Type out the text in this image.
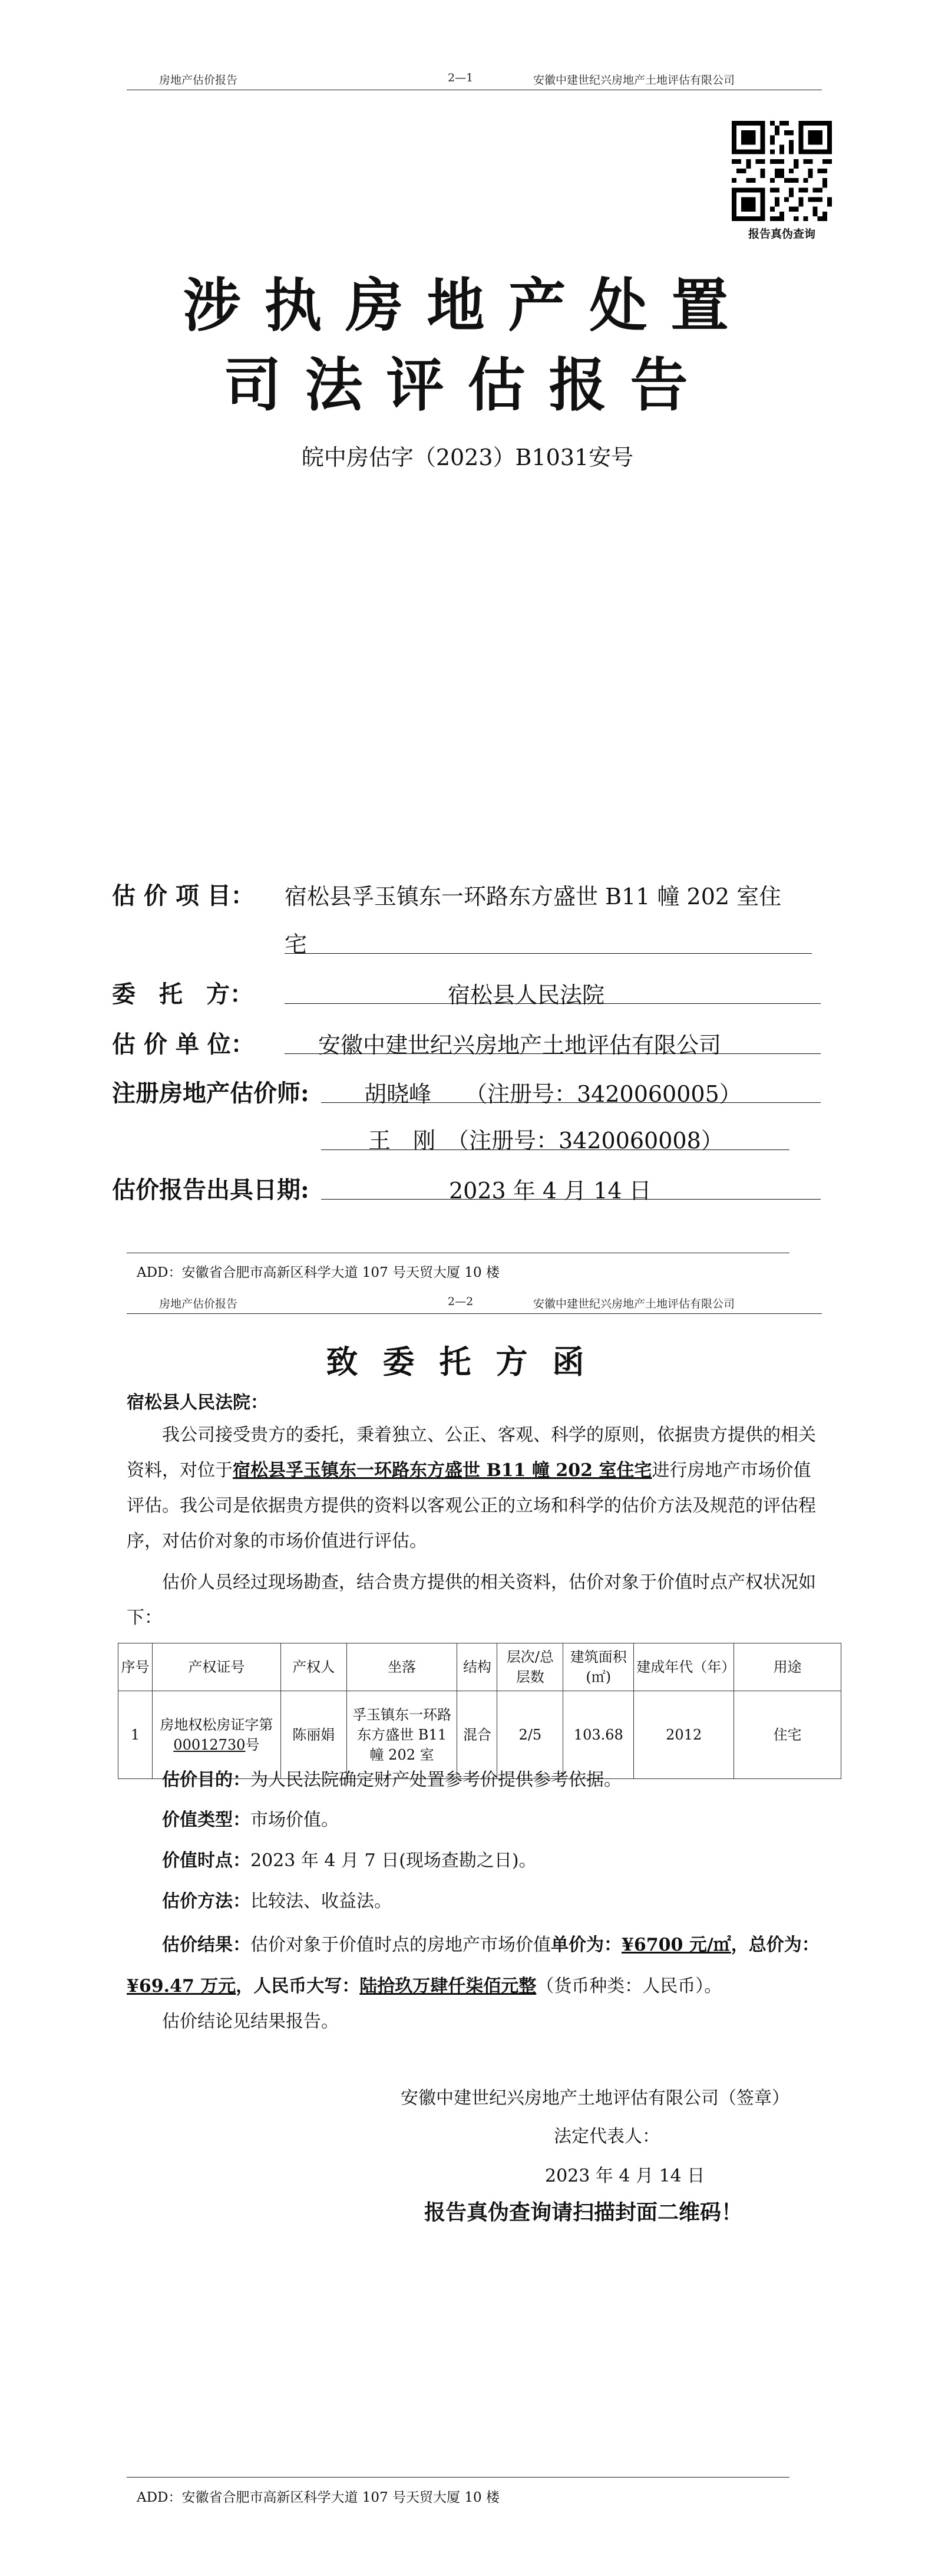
房地产估价报告	2—1	安徽中建世纪兴房地产土地评估有限公司
报告真伪查询
涉执房地产处置
司法评估报告
皖中房估字（2023）B1031安号
估 价 项 目： 宿松县孚玉镇东一环路东方盛世 B11 幢 202 室住
宅
委　托　方：	宿松县人民法院
估 价 单 位：	安徽中建世纪兴房地产土地评估有限公司
注册房地产估价师: 胡晓峰　　（注册号：3420060005）
王　刚　（注册号：3420060008）
估价报告出具日期:	2023 年 4 月 14 日
ADD：安徽省合肥市高新区科学大道 107 号天贸大厦 10 楼
房地产估价报告	2—2	安徽中建世纪兴房地产土地评估有限公司
致委托方函
宿松县人民法院：
我公司接受贵方的委托，秉着独立、公正、客观、科学的原则，依据贵方提供的相关资料，对位于宿松县孚玉镇东一环路东方盛世 B11 幢 202 室住宅进行房地产市场价值评估。我公司是依据贵方提供的资料以客观公正的立场和科学的估价方法及规范的评估程序，对估价对象的市场价值进行评估。
估价人员经过现场勘查，结合贵方提供的相关资料，估价对象于价值时点产权状况如下：
序号	产权证号	产权人	坐落	结构	层次/总层数	建筑面积(㎡)	建成年代（年）	用途
1	房地权松房证字第00012730号	陈丽娟	孚玉镇东一环路东方盛世 B11 幢 202 室	混合	2/5	103.68	2012	住宅
估价目的：为人民法院确定财产处置参考价提供参考依据。
价值类型：市场价值。
价值时点：2023 年 4 月 7 日(现场查勘之日)。
估价方法：比较法、收益法。
估价结果：估价对象于价值时点的房地产市场价值单价为：¥6700 元/㎡，总价为：¥69.47 万元，人民币大写：陆拾玖万肆仟柒佰元整（货币种类：人民币）。
估价结论见结果报告。
安徽中建世纪兴房地产土地评估有限公司（签章）
法定代表人：
2023 年 4 月 14 日
报告真伪查询请扫描封面二维码！
ADD：安徽省合肥市高新区科学大道 107 号天贸大厦 10 楼
